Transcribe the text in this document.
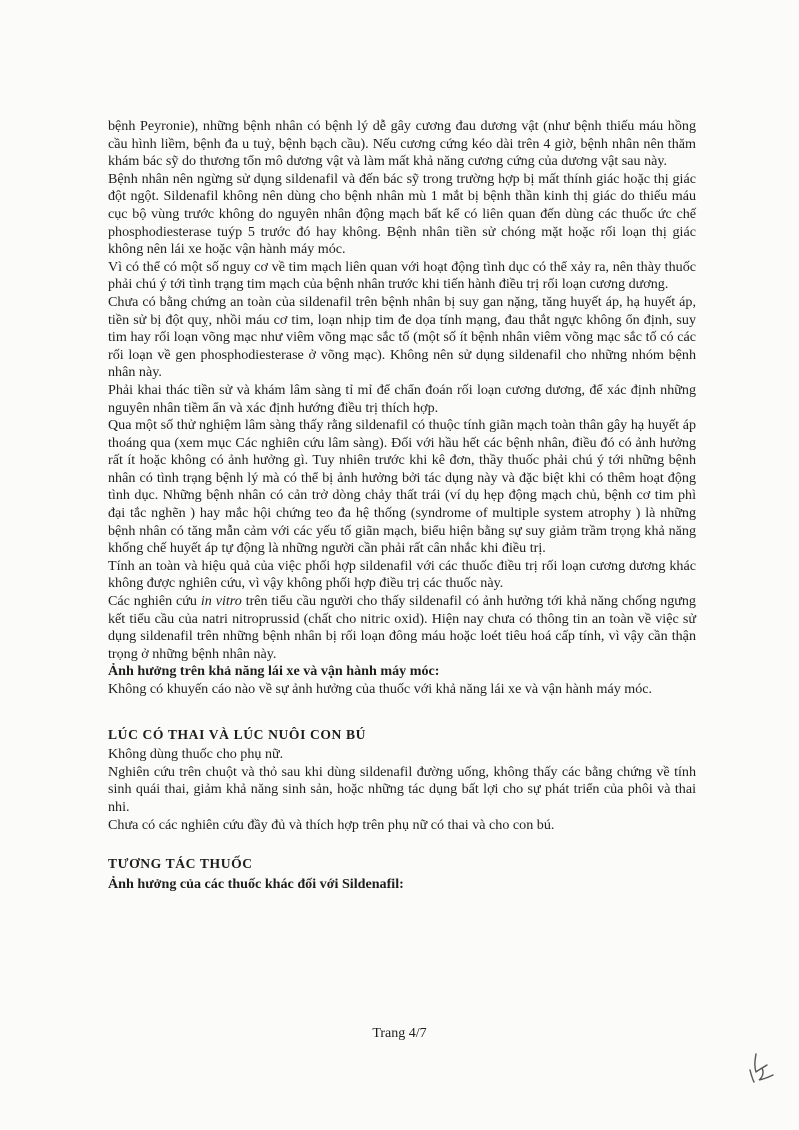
bệnh Peyronie), những bệnh nhân có bệnh lý dễ gây cương đau dương vật (như bệnh thiếu máu hồng cầu hình liềm, bệnh đa u tuỷ, bệnh bạch cầu). Nếu cương cứng kéo dài trên 4 giờ, bệnh nhân nên thăm khám bác sỹ do thương tổn mô dương vật và làm mất khả năng cương cứng của dương vật sau này.

Bệnh nhân nên ngừng sử dụng sildenafil và đến bác sỹ trong trường hợp bị mất thính giác hoặc thị giác đột ngột. Sildenafil không nên dùng cho bệnh nhân mù 1 mắt bị bệnh thần kinh thị giác do thiếu máu cục bộ vùng trước không do nguyên nhân động mạch bất kể có liên quan đến dùng các thuốc ức chế phosphodiesterase tuýp 5 trước đó hay không. Bệnh nhân tiền sử chóng mặt hoặc rối loạn thị giác không nên lái xe hoặc vận hành máy móc.

Vì có thể có một số nguy cơ về tim mạch liên quan với hoạt động tình dục có thể xảy ra, nên thày thuốc phải chú ý tới tình trạng tim mạch của bệnh nhân trước khi tiến hành điều trị rối loạn cương dương.

Chưa có bằng chứng an toàn của sildenafil trên bệnh nhân bị suy gan nặng, tăng huyết áp, hạ huyết áp, tiền sử bị đột quỵ, nhồi máu cơ tim, loạn nhịp tim đe dọa tính mạng, đau thắt ngực không ổn định, suy tim hay rối loạn võng mạc như viêm võng mạc sắc tố (một số ít bệnh nhân viêm võng mạc sắc tố có các rối loạn về gen phosphodiesterase ở võng mạc). Không nên sử dụng sildenafil cho những nhóm bệnh nhân này.

Phải khai thác tiền sử và khám lâm sàng tỉ mỉ để chẩn đoán rối loạn cương dương, để xác định những nguyên nhân tiềm ẩn và xác định hướng điều trị thích hợp.

Qua một số thử nghiệm lâm sàng thấy rằng sildenafil có thuộc tính giãn mạch toàn thân gây hạ huyết áp thoáng qua (xem mục Các nghiên cứu lâm sàng). Đối với hầu hết các bệnh nhân, điều đó có ảnh hưởng rất ít hoặc không có ảnh hưởng gì. Tuy nhiên trước khi kê đơn, thầy thuốc phải chú ý tới những bệnh nhân có tình trạng bệnh lý mà có thể bị ảnh hưởng bởi tác dụng này và đặc biệt khi có thêm hoạt động tình dục. Những bệnh nhân có cản trở dòng chảy thất trái (ví dụ hẹp động mạch chủ, bệnh cơ tim phì đại tắc nghẽn ) hay mắc hội chứng teo đa hệ thống (syndrome of multiple system atrophy ) là những bệnh nhân có tăng mẫn cảm với các yếu tố giãn mạch, biểu hiện bằng sự suy giảm trầm trọng khả năng khống chế huyết áp tự động là những người cần phải rất cân nhắc khi điều trị.

Tính an toàn và hiệu quả của việc phối hợp sildenafil với các thuốc điều trị rối loạn cương dương khác không được nghiên cứu, vì vậy không phối hợp điều trị các thuốc này.

Các nghiên cứu in vitro trên tiểu cầu người cho thấy sildenafil có ảnh hưởng tới khả năng chống ngưng kết tiểu cầu của natri nitroprussid (chất cho nitric oxid). Hiện nay chưa có thông tin an toàn về việc sử dụng sildenafil trên những bệnh nhân bị rối loạn đông máu hoặc loét tiêu hoá cấp tính, vì vậy cần thận trọng ở những bệnh nhân này.

Ảnh hưởng trên khả năng lái xe và vận hành máy móc:

Không có khuyến cáo nào về sự ảnh hưởng của thuốc với khả năng lái xe và vận hành máy móc.

LÚC CÓ THAI VÀ LÚC NUÔI CON BÚ

Không dùng thuốc cho phụ nữ.

Nghiên cứu trên chuột và thỏ sau khi dùng sildenafil đường uống, không thấy các bằng chứng về tính sinh quái thai, giảm khả năng sinh sản, hoặc những tác dụng bất lợi cho sự phát triển của phôi và thai nhi.

Chưa có các nghiên cứu đầy đủ và thích hợp trên phụ nữ có thai và cho con bú.

TƯƠNG TÁC THUỐC

Ảnh hưởng của các thuốc khác đối với Sildenafil:

Trang 4/7
